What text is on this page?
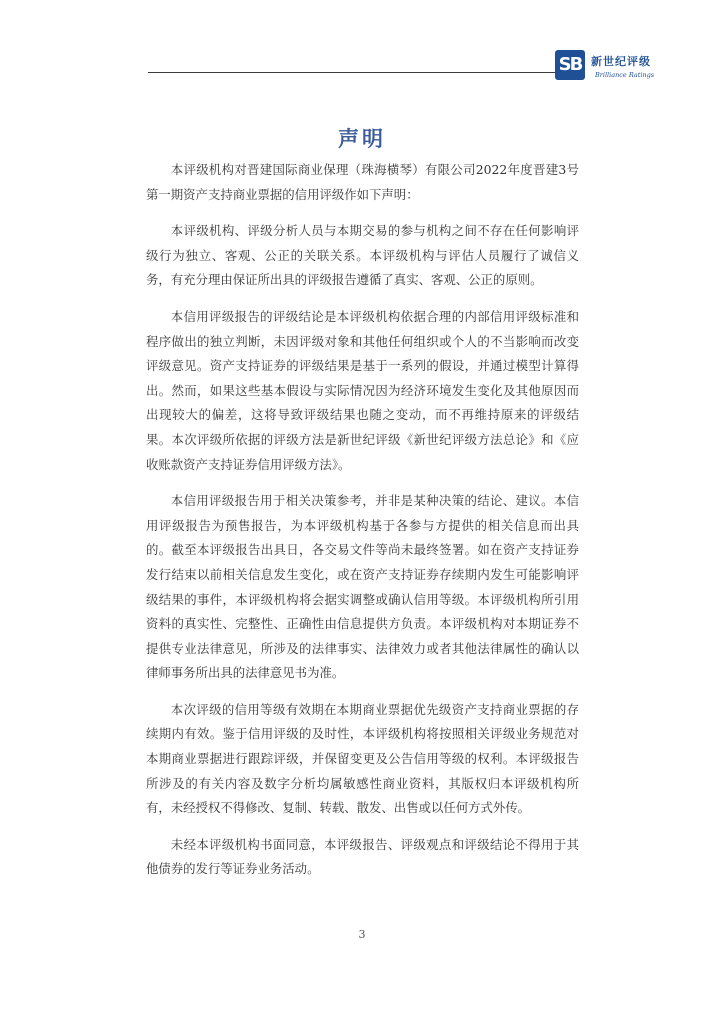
SB 新世纪评级
Brilliance Ratings
声明

本评级机构对晋建国际商业保理（珠海横琴）有限公司2022年度晋建3号第一期资产支持商业票据的信用评级作如下声明：

本评级机构、评级分析人员与本期交易的参与机构之间不存在任何影响评级行为独立、客观、公正的关联关系。本评级机构与评估人员履行了诚信义务，有充分理由保证所出具的评级报告遵循了真实、客观、公正的原则。

本信用评级报告的评级结论是本评级机构依据合理的内部信用评级标准和程序做出的独立判断，未因评级对象和其他任何组织或个人的不当影响而改变评级意见。资产支持证券的评级结果是基于一系列的假设，并通过模型计算得出。然而，如果这些基本假设与实际情况因为经济环境发生变化及其他原因而出现较大的偏差，这将导致评级结果也随之变动，而不再维持原来的评级结果。本次评级所依据的评级方法是新世纪评级《新世纪评级方法总论》和《应收账款资产支持证券信用评级方法》。

本信用评级报告用于相关决策参考，并非是某种决策的结论、建议。本信用评级报告为预售报告，为本评级机构基于各参与方提供的相关信息而出具的。截至本评级报告出具日，各交易文件等尚未最终签署。如在资产支持证券发行结束以前相关信息发生变化，或在资产支持证券存续期内发生可能影响评级结果的事件，本评级机构将会据实调整或确认信用等级。本评级机构所引用资料的真实性、完整性、正确性由信息提供方负责。本评级机构对本期证券不提供专业法律意见，所涉及的法律事实、法律效力或者其他法律属性的确认以律师事务所出具的法律意见书为准。

本次评级的信用等级有效期在本期商业票据优先级资产支持商业票据的存续期内有效。鉴于信用评级的及时性，本评级机构将按照相关评级业务规范对本期商业票据进行跟踪评级，并保留变更及公告信用等级的权利。本评级报告所涉及的有关内容及数字分析均属敏感性商业资料，其版权归本评级机构所有，未经授权不得修改、复制、转载、散发、出售或以任何方式外传。

未经本评级机构书面同意，本评级报告、评级观点和评级结论不得用于其他债券的发行等证券业务活动。

3
